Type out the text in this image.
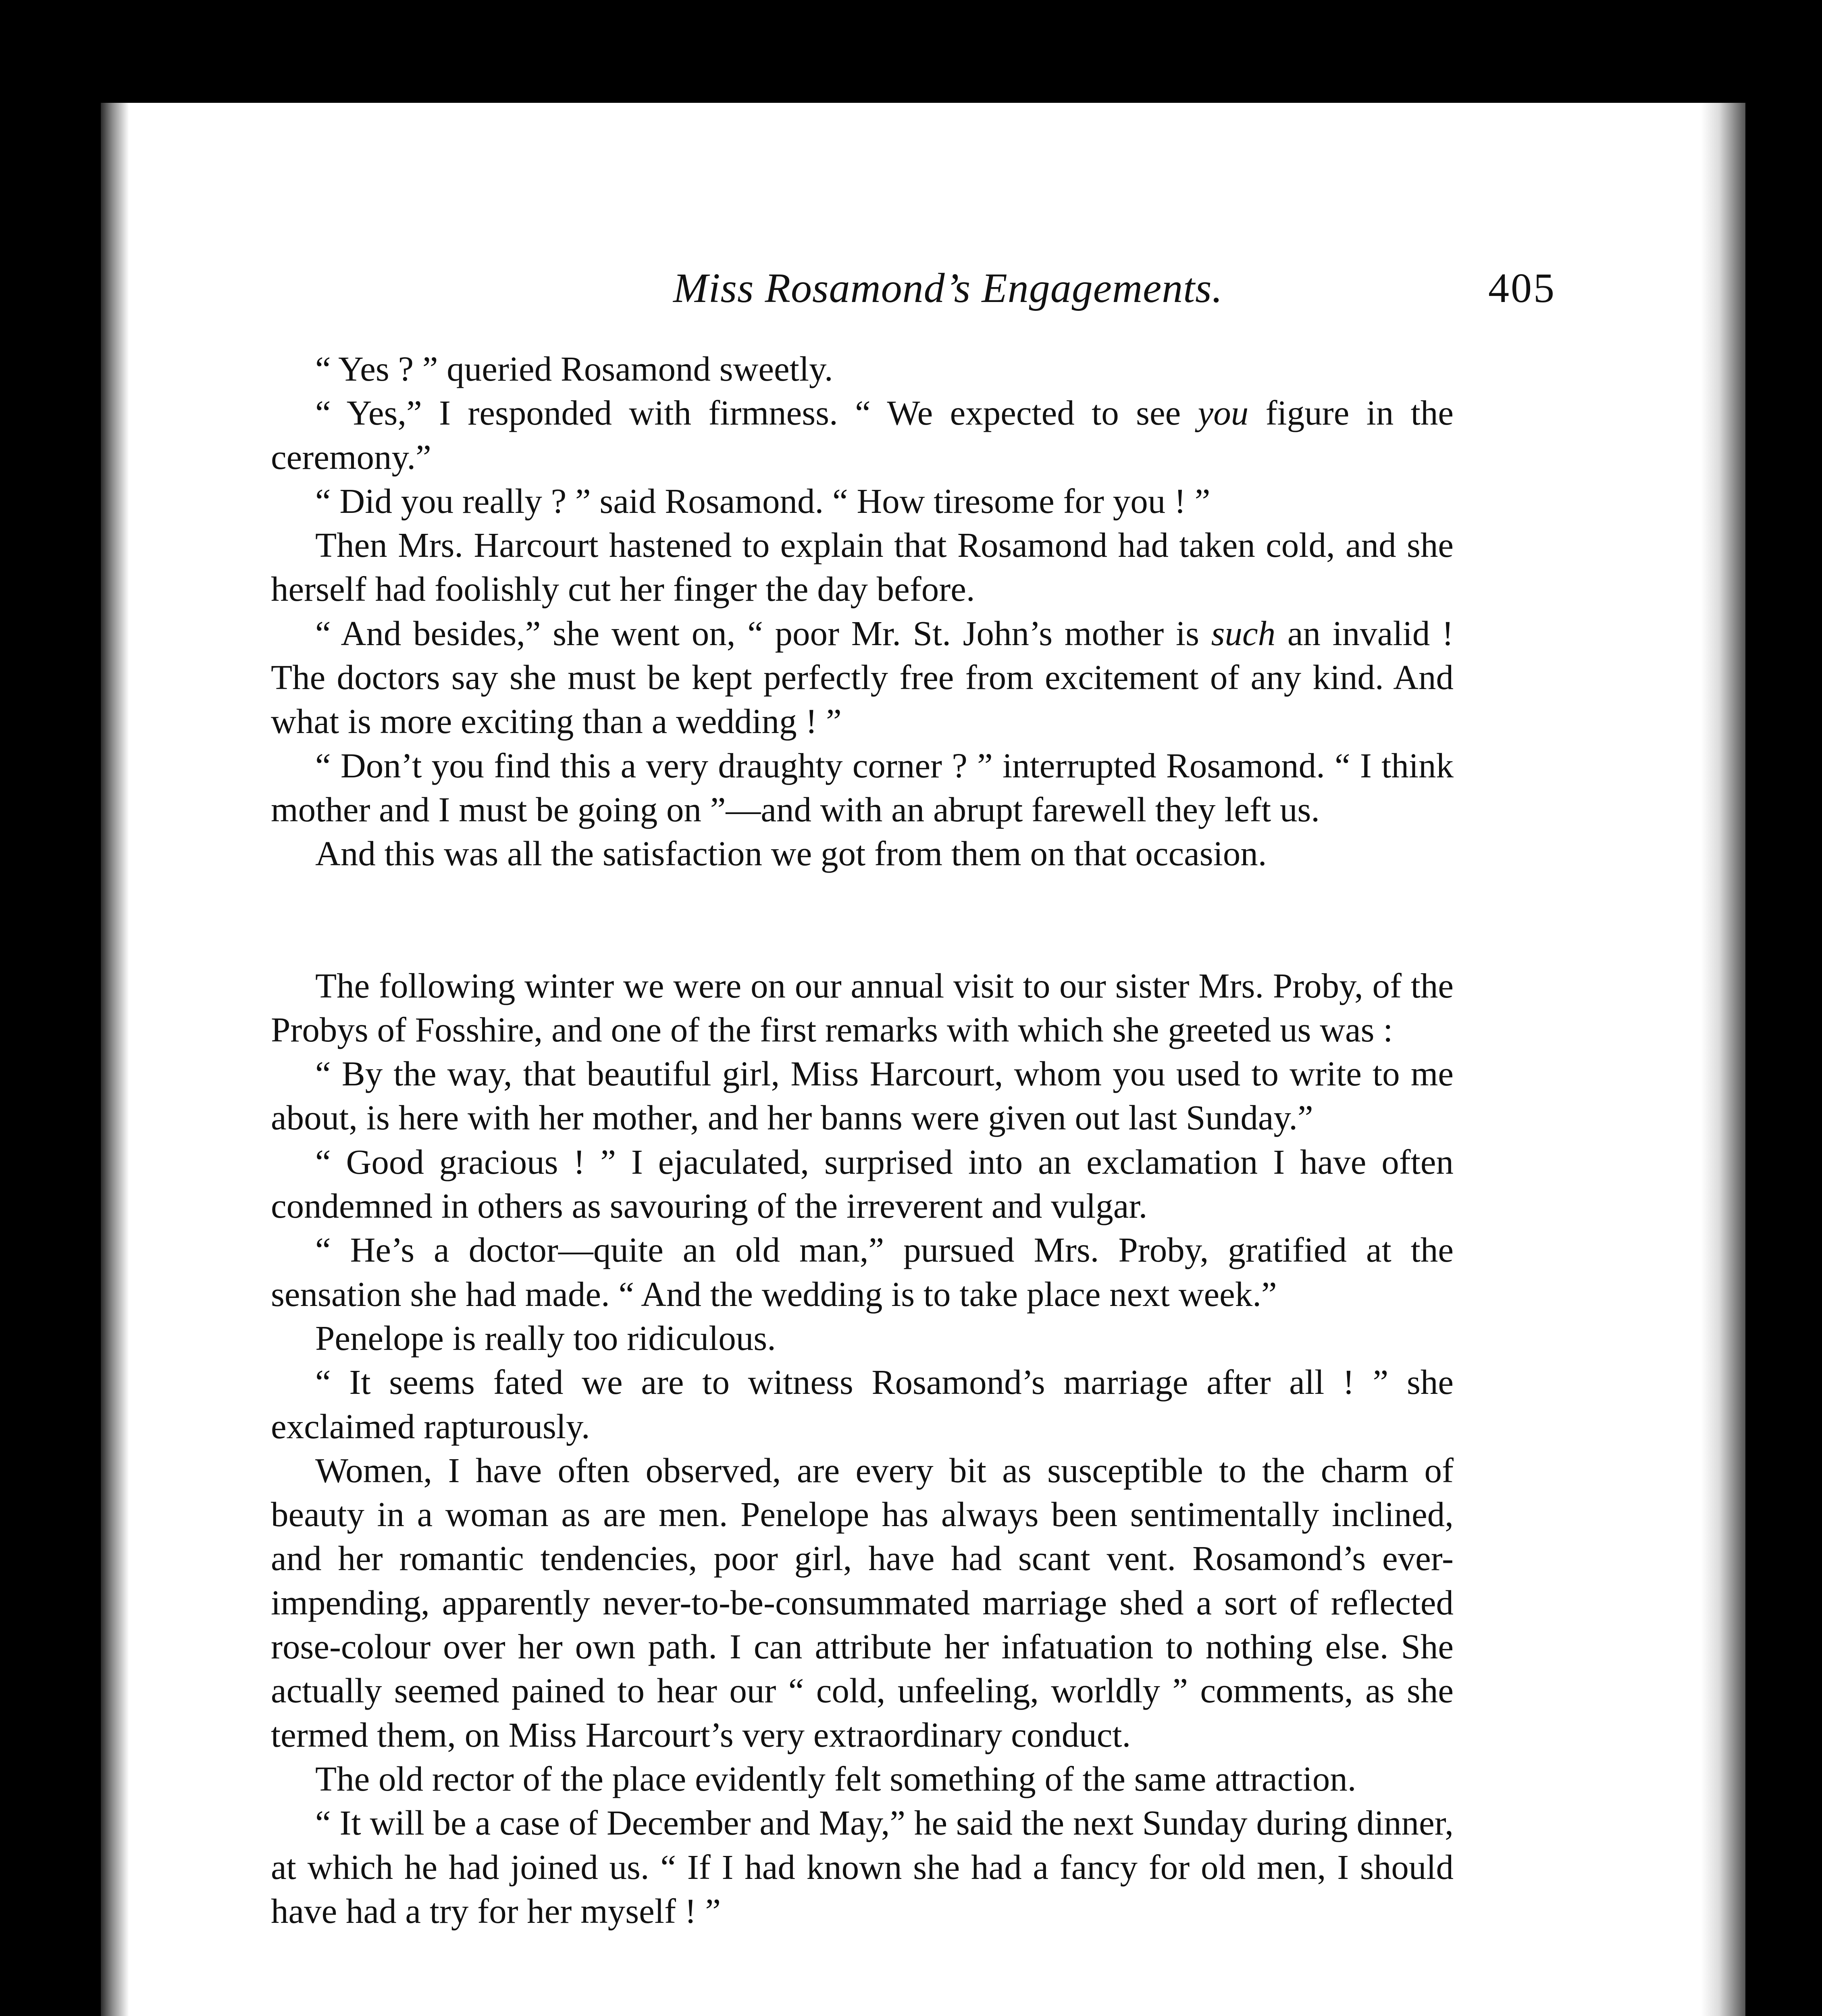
Miss Rosamond’s Engagements.	405

“ Yes ? ” queried Rosamond sweetly.

“ Yes,” I responded with firmness. “ We expected to see you figure in the ceremony.”

“ Did you really ? ” said Rosamond. “ How tiresome for you ! ”

Then Mrs. Harcourt hastened to explain that Rosamond had taken cold, and she herself had foolishly cut her finger the day before.

“ And besides,” she went on, “ poor Mr. St. John’s mother is such an invalid ! The doctors say she must be kept perfectly free from excitement of any kind. And what is more exciting than a wedding ! ”

“ Don’t you find this a very draughty corner ? ” interrupted Rosamond. “ I think mother and I must be going on ”—and with an abrupt farewell they left us.

And this was all the satisfaction we got from them on that occasion.

The following winter we were on our annual visit to our sister Mrs. Proby, of the Probys of Fosshire, and one of the first remarks with which she greeted us was :

“ By the way, that beautiful girl, Miss Harcourt, whom you used to write to me about, is here with her mother, and her banns were given out last Sunday.”

“ Good gracious ! ” I ejaculated, surprised into an exclamation I have often condemned in others as savouring of the irreverent and vulgar.

“ He’s a doctor—quite an old man,” pursued Mrs. Proby, gratified at the sensation she had made. “ And the wedding is to take place next week.”

Penelope is really too ridiculous.

“ It seems fated we are to witness Rosamond’s marriage after all ! ” she exclaimed rapturously.

Women, I have often observed, are every bit as susceptible to the charm of beauty in a woman as are men. Penelope has always been sentimentally inclined, and her romantic tendencies, poor girl, have had scant vent. Rosamond’s ever-impending, apparently never-to-be-consummated marriage shed a sort of reflected rose-colour over her own path. I can attribute her infatuation to nothing else. She actually seemed pained to hear our “ cold, unfeeling, worldly ” comments, as she termed them, on Miss Harcourt’s very extraordinary conduct.

The old rector of the place evidently felt something of the same attraction.

“ It will be a case of December and May,” he said the next Sunday during dinner, at which he had joined us. “ If I had known she had a fancy for old men, I should have had a try for her myself ! ”
